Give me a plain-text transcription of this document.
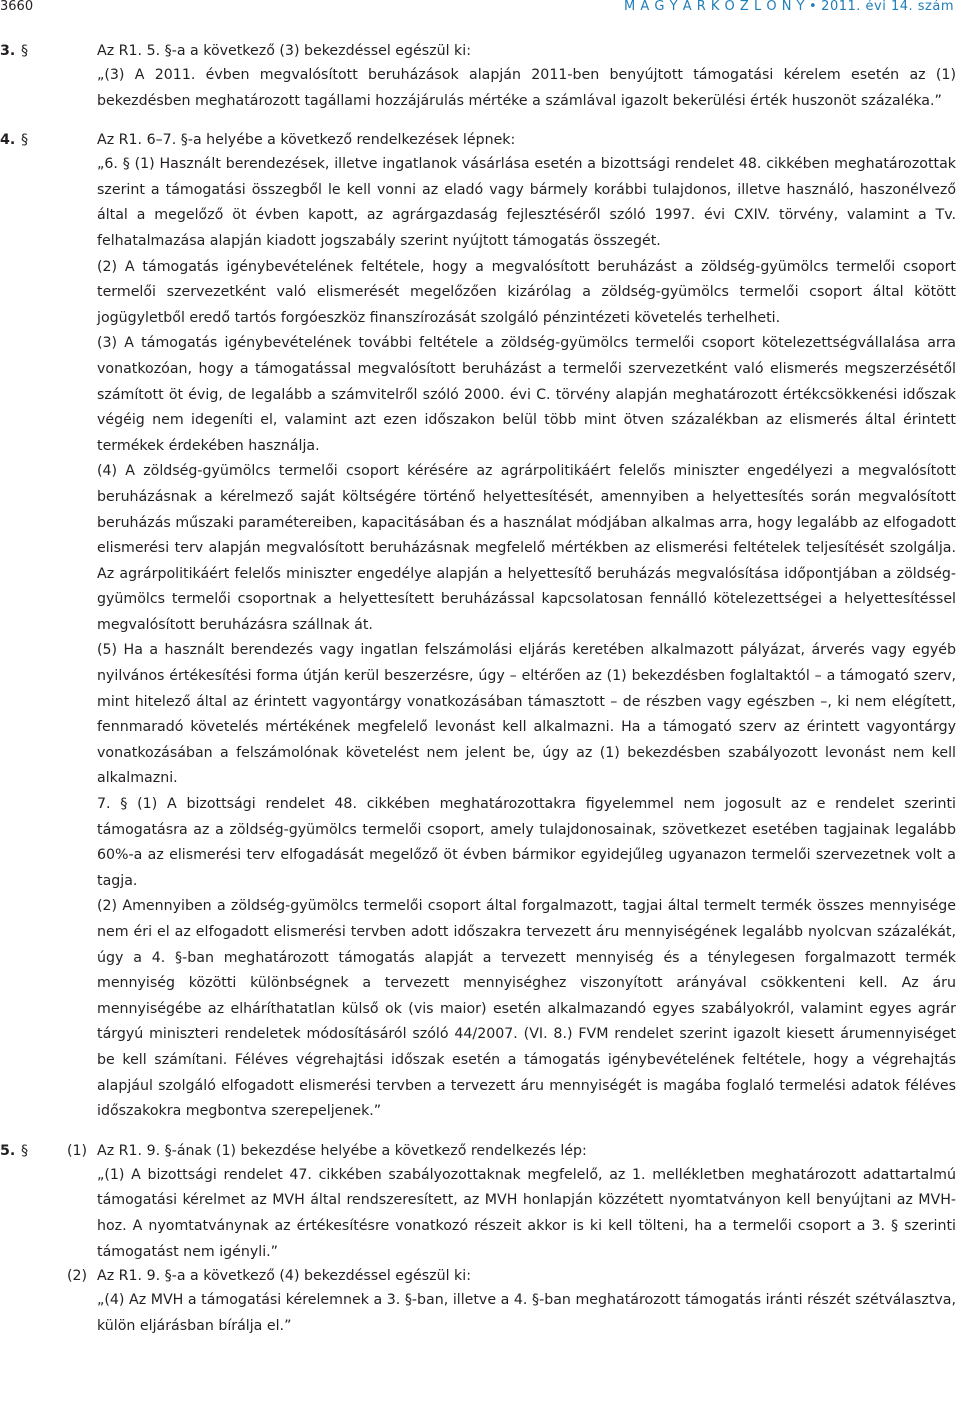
3660	M A G Y A R K Ö Z L Ö N Y • 2011. évi 14. szám
3. §	Az R1. 5. §-a a következő (3) bekezdéssel egészül ki:

„(3) A 2011. évben megvalósított beruházások alapján 2011-ben benyújtott támogatási kérelem esetén az (1) bekezdésben meghatározott tagállami hozzájárulás mértéke a számlával igazolt bekerülési érték huszonöt százaléka.”

4. §	Az R1. 6–7. §-a helyébe a következő rendelkezések lépnek:

„6. § (1) Használt berendezések, illetve ingatlanok vásárlása esetén a bizottsági rendelet 48. cikkében meghatározottak szerint a támogatási összegből le kell vonni az eladó vagy bármely korábbi tulajdonos, illetve használó, haszonélvező által a megelőző öt évben kapott, az agrárgazdaság fejlesztéséről szóló 1997. évi CXIV. törvény, valamint a Tv. felhatalmazása alapján kiadott jogszabály szerint nyújtott támogatás összegét.

(2) A támogatás igénybevételének feltétele, hogy a megvalósított beruházást a zöldség-gyümölcs termelői csoport termelői szervezetként való elismerését megelőzően kizárólag a zöldség-gyümölcs termelői csoport által kötött jogügyletből eredő tartós forgóeszköz finanszírozását szolgáló pénzintézeti követelés terhelheti.

(3) A támogatás igénybevételének további feltétele a zöldség-gyümölcs termelői csoport kötelezettségvállalása arra vonatkozóan, hogy a támogatással megvalósított beruházást a termelői szervezetként való elismerés megszerzésétől számított öt évig, de legalább a számvitelről szóló 2000. évi C. törvény alapján meghatározott értékcsökkenési időszak végéig nem idegeníti el, valamint azt ezen időszakon belül több mint ötven százalékban az elismerés által érintett termékek érdekében használja.

(4) A zöldség-gyümölcs termelői csoport kérésére az agrárpolitikáért felelős miniszter engedélyezi a megvalósított beruházásnak a kérelmező saját költségére történő helyettesítését, amennyiben a helyettesítés során megvalósított beruházás műszaki paramétereiben, kapacitásában és a használat módjában alkalmas arra, hogy legalább az elfogadott elismerési terv alapján megvalósított beruházásnak megfelelő mértékben az elismerési feltételek teljesítését szolgálja. Az agrárpolitikáért felelős miniszter engedélye alapján a helyettesítő beruházás megvalósítása időpontjában a zöldség-gyümölcs termelői csoportnak a helyettesített beruházással kapcsolatosan fennálló kötelezettségei a helyettesítéssel megvalósított beruházásra szállnak át.

(5) Ha a használt berendezés vagy ingatlan felszámolási eljárás keretében alkalmazott pályázat, árverés vagy egyéb nyilvános értékesítési forma útján kerül beszerzésre, úgy – eltérően az (1) bekezdésben foglaltaktól – a támogató szerv, mint hitelező által az érintett vagyontárgy vonatkozásában támasztott – de részben vagy egészben –, ki nem elégített, fennmaradó követelés mértékének megfelelő levonást kell alkalmazni. Ha a támogató szerv az érintett vagyontárgy vonatkozásában a felszámolónak követelést nem jelent be, úgy az (1) bekezdésben szabályozott levonást nem kell alkalmazni.

7. § (1) A bizottsági rendelet 48. cikkében meghatározottakra figyelemmel nem jogosult az e rendelet szerinti támogatásra az a zöldség-gyümölcs termelői csoport, amely tulajdonosainak, szövetkezet esetében tagjainak legalább 60%-a az elismerési terv elfogadását megelőző öt évben bármikor egyidejűleg ugyanazon termelői szervezetnek volt a tagja.

(2) Amennyiben a zöldség-gyümölcs termelői csoport által forgalmazott, tagjai által termelt termék összes mennyisége nem éri el az elfogadott elismerési tervben adott időszakra tervezett áru mennyiségének legalább nyolcvan százalékát, úgy a 4. §-ban meghatározott támogatás alapját a tervezett mennyiség és a ténylegesen forgalmazott termék mennyiség közötti különbségnek a tervezett mennyiséghez viszonyított arányával csökkenteni kell. Az áru mennyiségébe az elháríthatatlan külső ok (vis maior) esetén alkalmazandó egyes szabályokról, valamint egyes agrár tárgyú miniszteri rendeletek módosításáról szóló 44/2007. (VI. 8.) FVM rendelet szerint igazolt kiesett árumennyiséget be kell számítani. Féléves végrehajtási időszak esetén a támogatás igénybevételének feltétele, hogy a végrehajtás alapjául szolgáló elfogadott elismerési tervben a tervezett áru mennyiségét is magába foglaló termelési adatok féléves időszakokra megbontva szerepeljenek.”

5. §	(1) Az R1. 9. §-ának (1) bekezdése helyébe a következő rendelkezés lép:

„(1) A bizottsági rendelet 47. cikkében szabályozottaknak megfelelő, az 1. mellékletben meghatározott adattartalmú támogatási kérelmet az MVH által rendszeresített, az MVH honlapján közzétett nyomtatványon kell benyújtani az MVH-hoz. A nyomtatványnak az értékesítésre vonatkozó részeit akkor is ki kell tölteni, ha a termelői csoport a 3. § szerinti támogatást nem igényli.”

(2) Az R1. 9. §-a a következő (4) bekezdéssel egészül ki:

„(4) Az MVH a támogatási kérelemnek a 3. §-ban, illetve a 4. §-ban meghatározott támogatás iránti részét szétválasztva, külön eljárásban bírálja el.”
